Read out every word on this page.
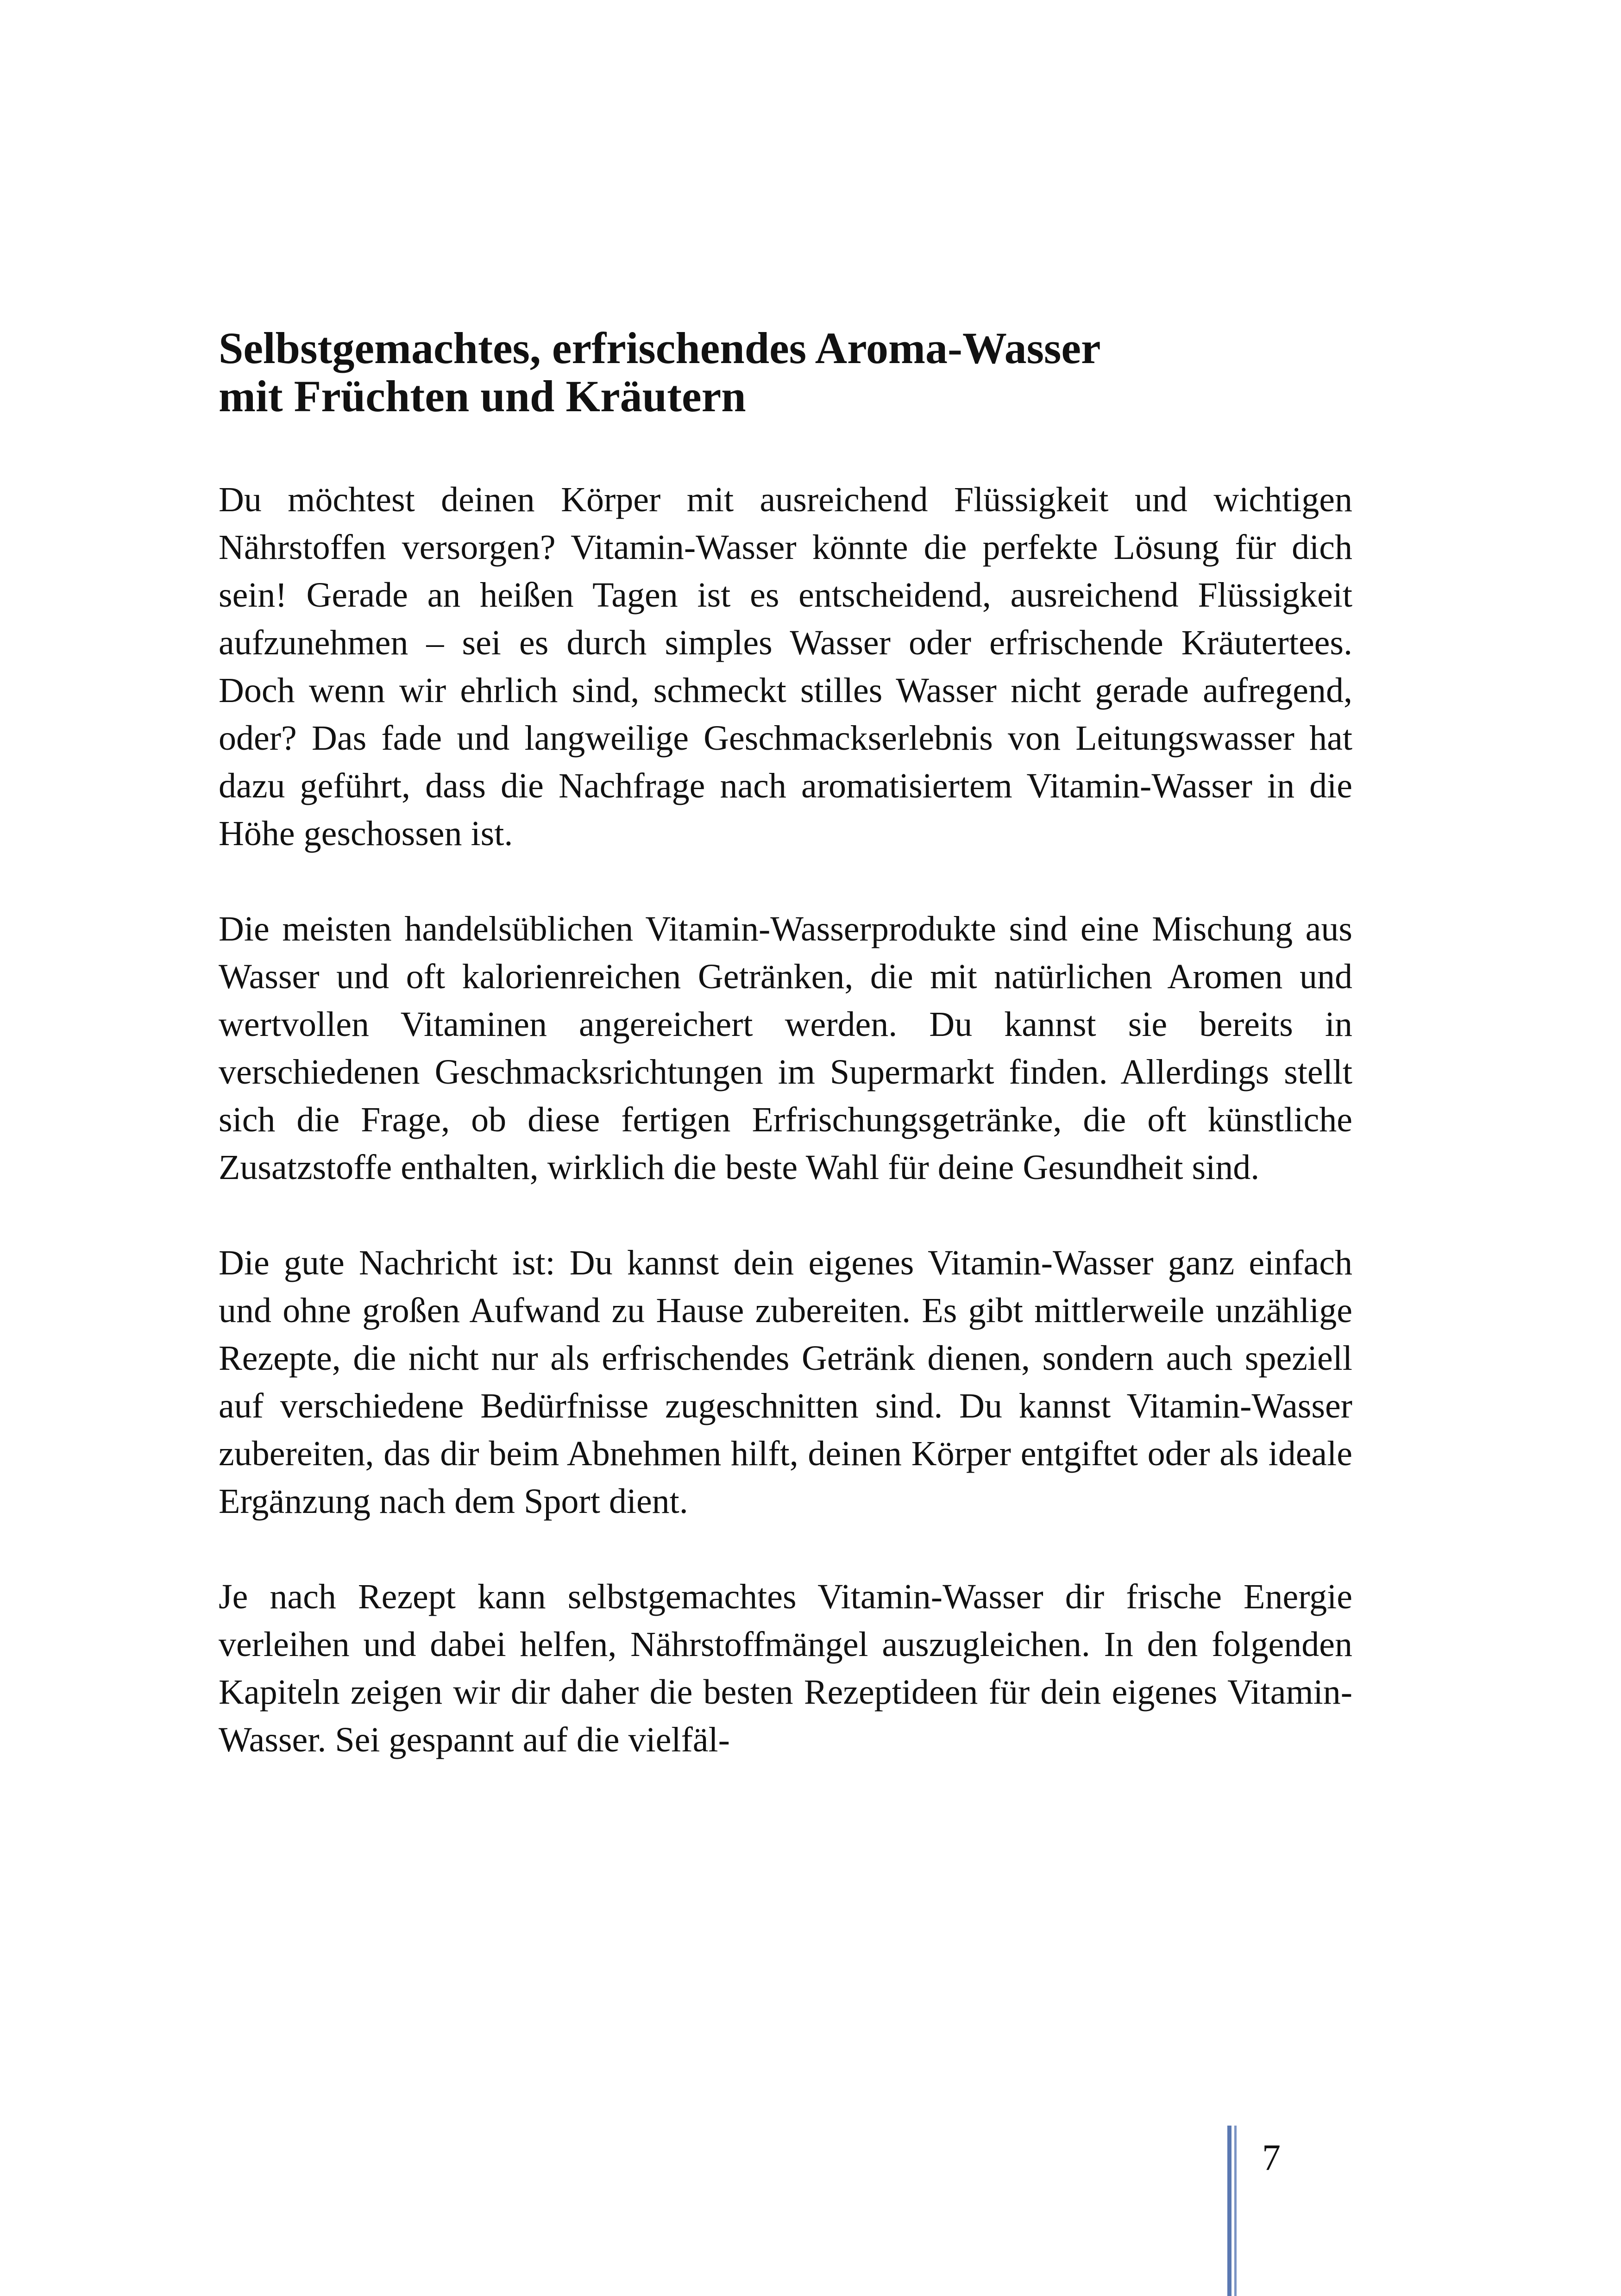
Selbstgemachtes, erfrischendes Aroma-Wasser
mit Früchten und Kräutern

Du möchtest deinen Körper mit ausreichend Flüssigkeit und wichtigen Nährstoffen versorgen? Vitamin-Wasser könnte die perfekte Lösung für dich sein! Gerade an heißen Tagen ist es entscheidend, ausreichend Flüssigkeit aufzunehmen – sei es durch simples Wasser oder erfrischende Kräutertees. Doch wenn wir ehrlich sind, schmeckt stilles Wasser nicht gerade aufregend, oder? Das fade und langweilige Geschmackserlebnis von Leitungswasser hat dazu geführt, dass die Nachfrage nach aromatisiertem Vitamin-Wasser in die Höhe geschossen ist.

Die meisten handelsüblichen Vitamin-Wasserprodukte sind eine Mischung aus Wasser und oft kalorienreichen Getränken, die mit natürlichen Aromen und wertvollen Vitaminen angereichert werden. Du kannst sie bereits in verschiedenen Geschmacksrichtungen im Supermarkt finden. Allerdings stellt sich die Frage, ob diese fertigen Erfrischungsgetränke, die oft künstliche Zusatzstoffe enthalten, wirklich die beste Wahl für deine Gesundheit sind.

Die gute Nachricht ist: Du kannst dein eigenes Vitamin-Wasser ganz einfach und ohne großen Aufwand zu Hause zubereiten. Es gibt mittlerweile unzählige Rezepte, die nicht nur als erfrischendes Getränk dienen, sondern auch speziell auf verschiedene Bedürfnisse zugeschnitten sind. Du kannst Vitamin-Wasser zubereiten, das dir beim Abnehmen hilft, deinen Körper entgiftet oder als ideale Ergänzung nach dem Sport dient.

Je nach Rezept kann selbstgemachtes Vitamin-Wasser dir frische Energie verleihen und dabei helfen, Nährstoffmängel auszugleichen. In den folgenden Kapiteln zeigen wir dir daher die besten Rezeptideen für dein eigenes Vitamin-Wasser. Sei gespannt auf die vielfäl-

7
